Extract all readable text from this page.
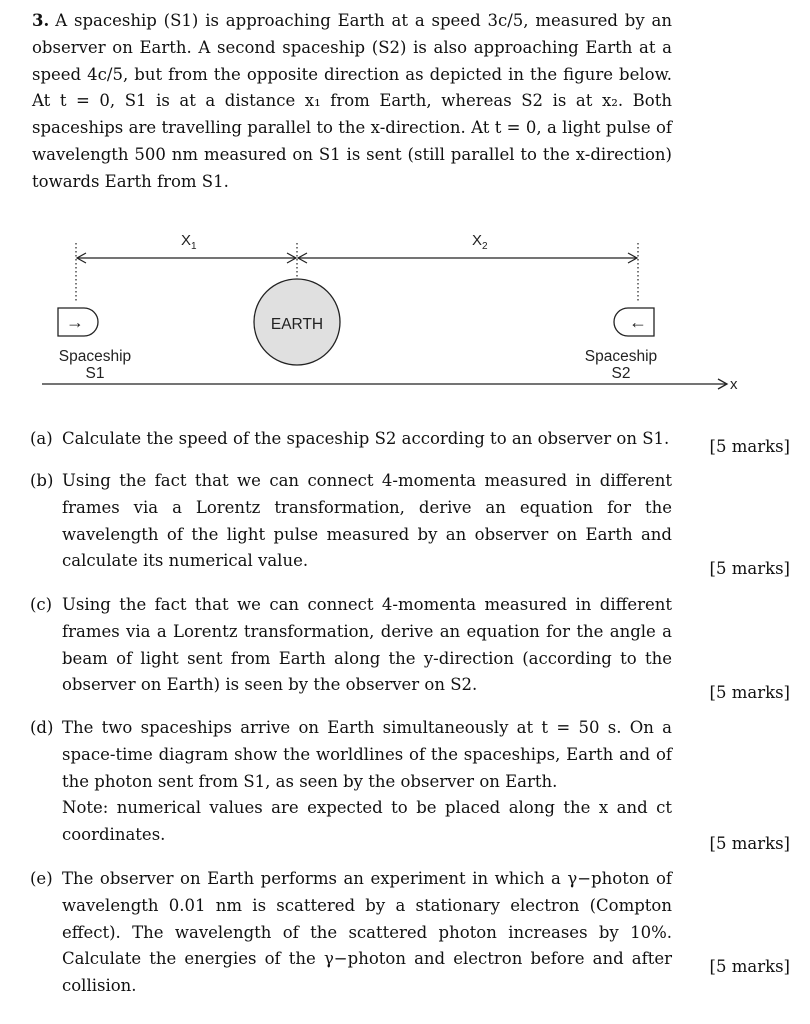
3. A spaceship (S1) is approaching Earth at a speed 3c/5, measured by an observer on Earth. A second spaceship (S2) is also approaching Earth at a speed 4c/5, but from the opposite direction as depicted in the figure below. At t = 0, S1 is at a distance x₁ from Earth, whereas S2 is at x₂. Both spaceships are travelling parallel to the x-direction. At t = 0, a light pulse of wavelength 500 nm measured on S1 is sent (still parallel to the x-direction) towards Earth from S1.

$X_1$	$X_2$
EARTH
→
Spaceship
S1
←
Spaceship
S2
x
(a) Calculate the speed of the spaceship S2 according to an observer on S1. [5 marks]
(b) Using the fact that we can connect 4-momenta measured in different frames via a Lorentz transformation, derive an equation for the wavelength of the light pulse measured by an observer on Earth and calculate its numerical value.	[5 marks]
(c) Using the fact that we can connect 4-momenta measured in different frames via a Lorentz transformation, derive an equation for the angle a beam of light sent from Earth along the y-direction (according to the observer on Earth) is seen by the observer on S2.	[5 marks]
(d) The two spaceships arrive on Earth simultaneously at t = 50 s. On a space-time diagram show the worldlines of the spaceships, Earth and of the photon sent from S1, as seen by the observer on Earth.

Note: numerical values are expected to be placed along the x and ct coordinates.	[5 marks]
(e) The observer on Earth performs an experiment in which a γ−photon of wavelength 0.01 nm is scattered by a stationary electron (Compton effect). The wavelength of the scattered photon increases by 10%. Calculate the energies of the γ−photon and electron before and after collision.

[5 marks]
